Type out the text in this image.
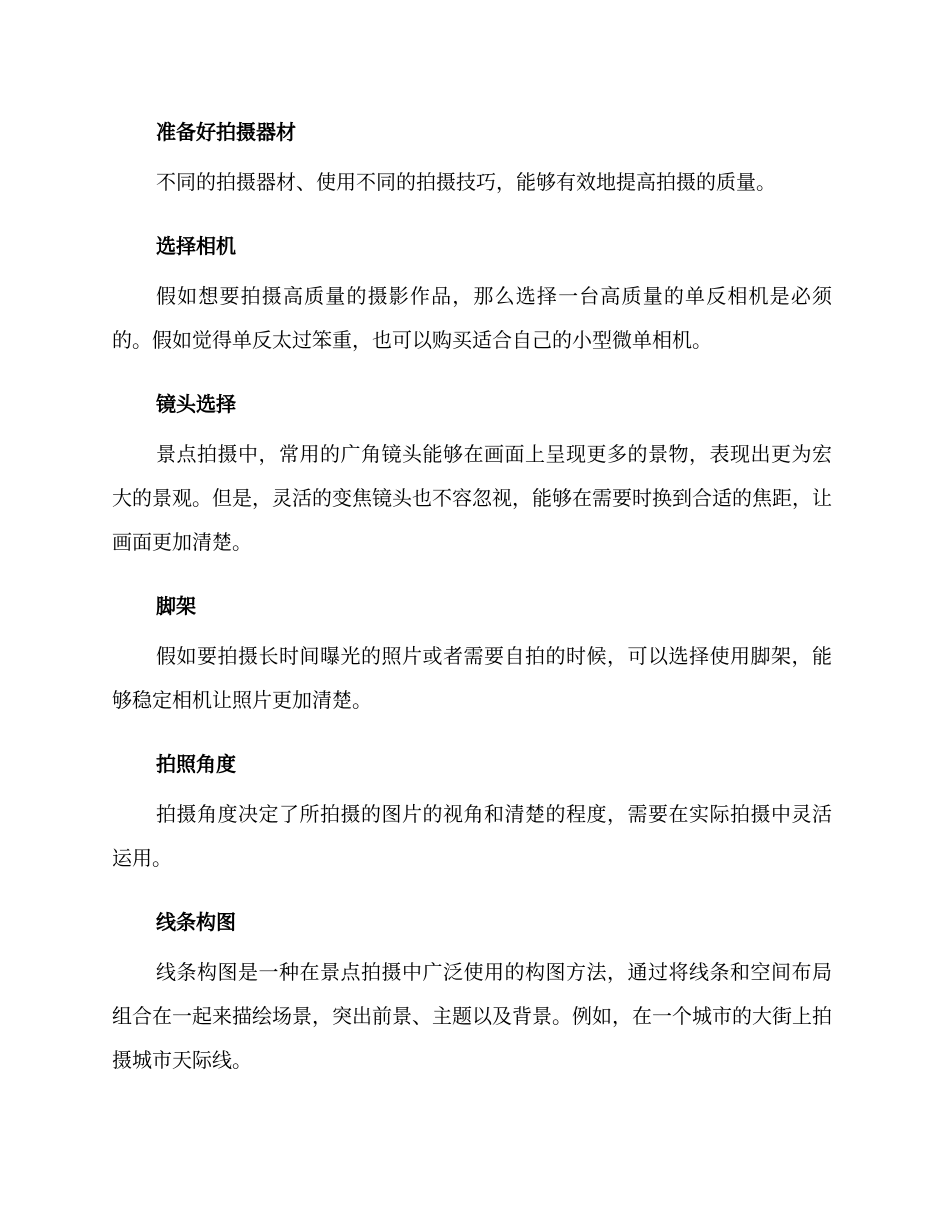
准备好拍摄器材

不同的拍摄器材、使用不同的拍摄技巧，能够有效地提高拍摄的质量。

选择相机

假如想要拍摄高质量的摄影作品，那么选择一台高质量的单反相机是必须的。假如觉得单反太过笨重，也可以购买适合自己的小型微单相机。

镜头选择

景点拍摄中，常用的广角镜头能够在画面上呈现更多的景物，表现出更为宏大的景观。但是，灵活的变焦镜头也不容忽视，能够在需要时换到合适的焦距，让画面更加清楚。

脚架

假如要拍摄长时间曝光的照片或者需要自拍的时候，可以选择使用脚架，能够稳定相机让照片更加清楚。

拍照角度

拍摄角度决定了所拍摄的图片的视角和清楚的程度，需要在实际拍摄中灵活运用。

线条构图

线条构图是一种在景点拍摄中广泛使用的构图方法，通过将线条和空间布局组合在一起来描绘场景，突出前景、主题以及背景。例如，在一个城市的大街上拍摄城市天际线。
